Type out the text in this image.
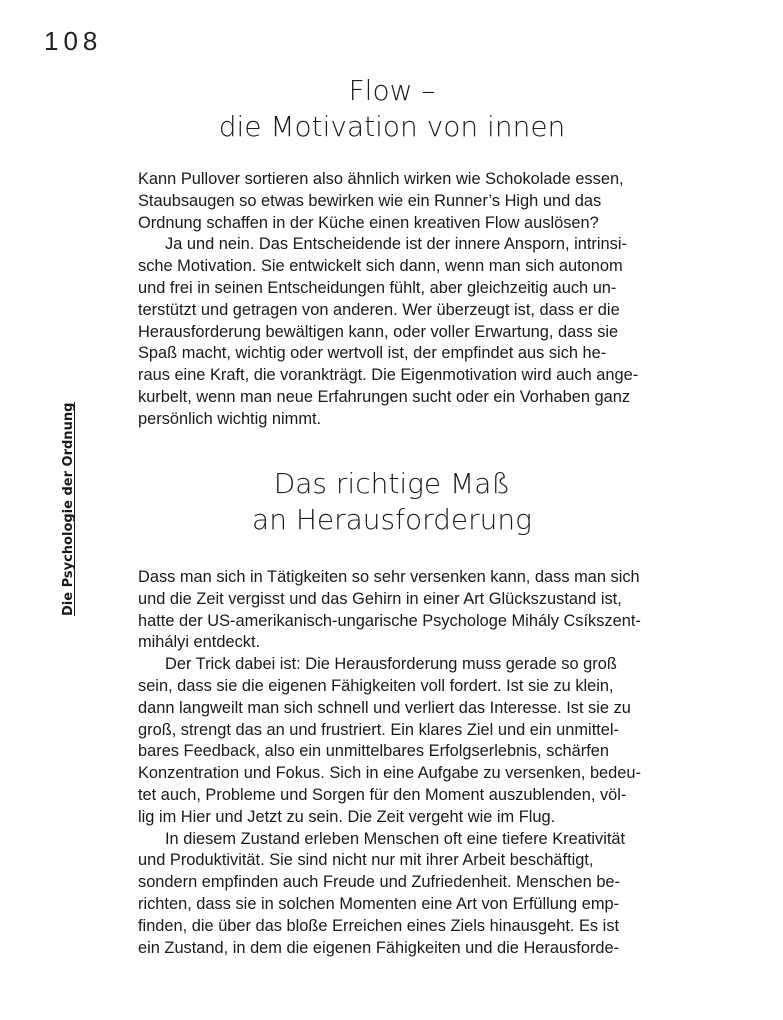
108
Die Psychologie der Ordnung
Flow –
die Motivation von innen
Kann Pullover sortieren also ähnlich wirken wie Schokolade essen,
Staubsaugen so etwas bewirken wie ein Runner’s High und das
Ordnung schaffen in der Küche einen kreativen Flow auslösen?
Ja und nein. Das Entscheidende ist der innere Ansporn, intrinsi-
sche Motivation. Sie entwickelt sich dann, wenn man sich autonom
und frei in seinen Entscheidungen fühlt, aber gleichzeitig auch un-
terstützt und getragen von anderen. Wer überzeugt ist, dass er die
Herausforderung bewältigen kann, oder voller Erwartung, dass sie
Spaß macht, wichtig oder wertvoll ist, der empfindet aus sich he-
raus eine Kraft, die vorankträgt. Die Eigenmotivation wird auch ange-
kurbelt, wenn man neue Erfahrungen sucht oder ein Vorhaben ganz
persönlich wichtig nimmt.
Das richtige Maß
an Herausforderung
Dass man sich in Tätigkeiten so sehr versenken kann, dass man sich
und die Zeit vergisst und das Gehirn in einer Art Glückszustand ist,
hatte der US-amerikanisch-ungarische Psychologe Mihály Csíkszent-
mihályi entdeckt.
Der Trick dabei ist: Die Herausforderung muss gerade so groß
sein, dass sie die eigenen Fähigkeiten voll fordert. Ist sie zu klein,
dann langweilt man sich schnell und verliert das Interesse. Ist sie zu
groß, strengt das an und frustriert. Ein klares Ziel und ein unmittel-
bares Feedback, also ein unmittelbares Erfolgserlebnis, schärfen
Konzentration und Fokus. Sich in eine Aufgabe zu versenken, bedeu-
tet auch, Probleme und Sorgen für den Moment auszublenden, völ-
lig im Hier und Jetzt zu sein. Die Zeit vergeht wie im Flug.
In diesem Zustand erleben Menschen oft eine tiefere Kreativität
und Produktivität. Sie sind nicht nur mit ihrer Arbeit beschäftigt,
sondern empfinden auch Freude und Zufriedenheit. Menschen be-
richten, dass sie in solchen Momenten eine Art von Erfüllung emp-
finden, die über das bloße Erreichen eines Ziels hinausgeht. Es ist
ein Zustand, in dem die eigenen Fähigkeiten und die Herausforde-
